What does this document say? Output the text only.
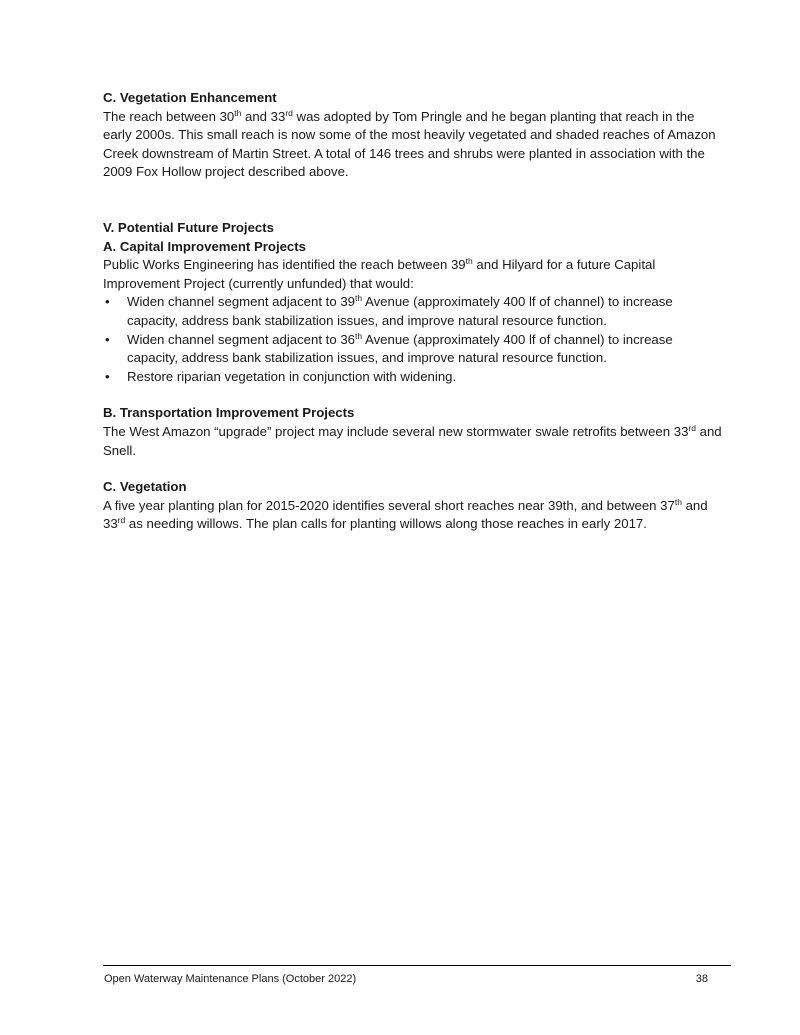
C. Vegetation Enhancement

The reach between 30th and 33rd was adopted by Tom Pringle and he began planting that reach in the early 2000s. This small reach is now some of the most heavily vegetated and shaded reaches of Amazon Creek downstream of Martin Street. A total of 146 trees and shrubs were planted in association with the 2009 Fox Hollow project described above.

V. Potential Future Projects

A. Capital Improvement Projects

Public Works Engineering has identified the reach between 39th and Hilyard for a future Capital Improvement Project (currently unfunded) that would:

• Widen channel segment adjacent to 39th Avenue (approximately 400 lf of channel) to increase capacity, address bank stabilization issues, and improve natural resource function.
• Widen channel segment adjacent to 36th Avenue (approximately 400 lf of channel) to increase capacity, address bank stabilization issues, and improve natural resource function.
• Restore riparian vegetation in conjunction with widening.

B. Transportation Improvement Projects

The West Amazon “upgrade” project may include several new stormwater swale retrofits between 33rd and Snell.

C. Vegetation

A five year planting plan for 2015-2020 identifies several short reaches near 39th, and between 37th and 33rd as needing willows. The plan calls for planting willows along those reaches in early 2017.

Open Waterway Maintenance Plans (October 2022)	38
